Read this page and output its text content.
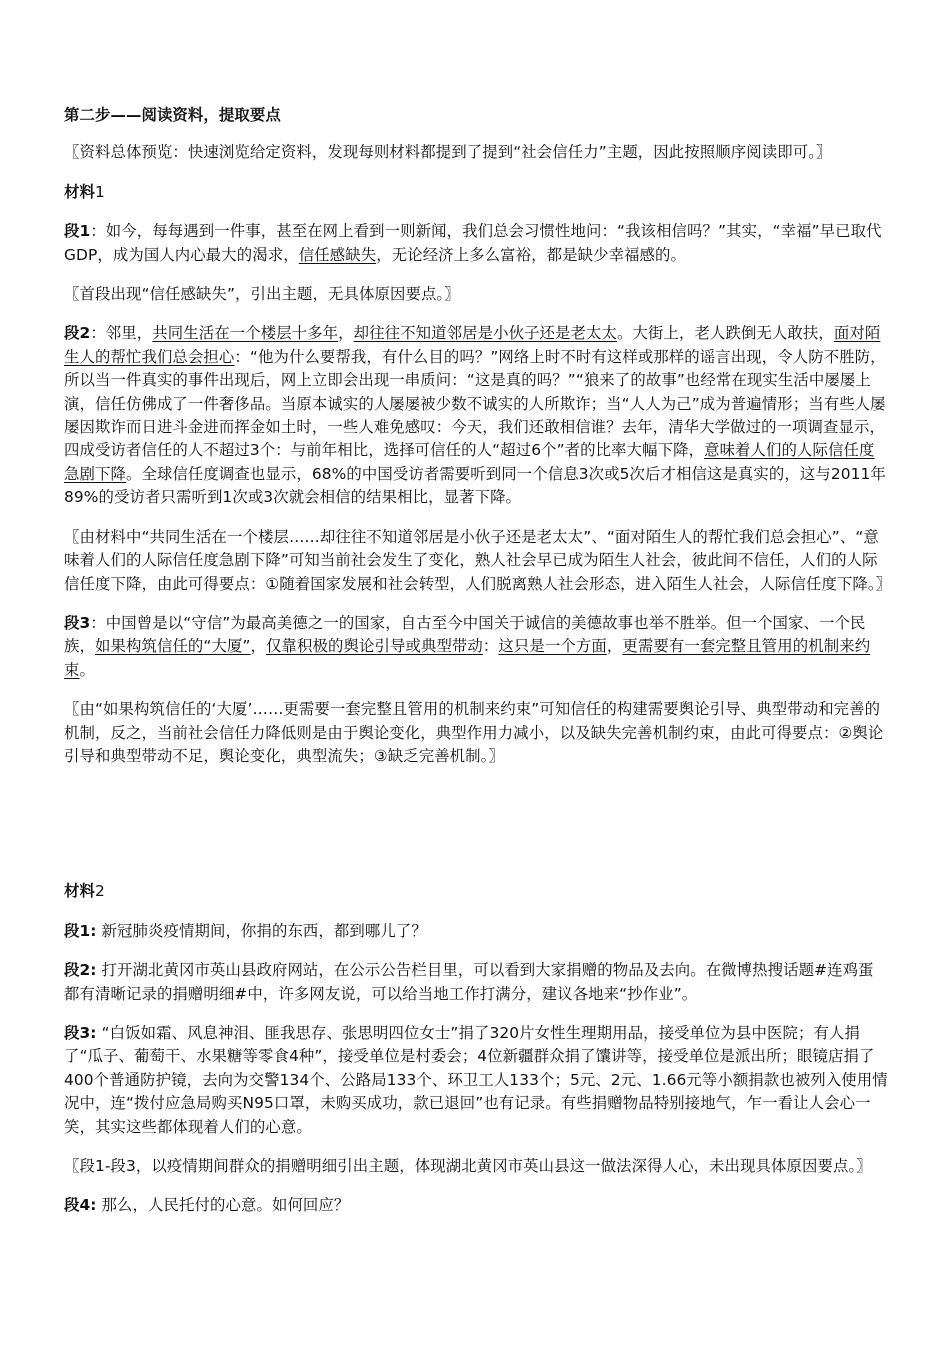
第二步——阅读资料，提取要点

〖资料总体预览：快速浏览给定资料，发现每则材料都提到了提到“社会信任力”主题，因此按照顺序阅读即可。〗

材料1

段1：如今，每每遇到一件事，甚至在网上看到一则新闻，我们总会习惯性地问：“我该相信吗？”其实，“幸福”早已取代GDP，成为国人内心最大的渴求，信任感缺失，无论经济上多么富裕，都是缺少幸福感的。

〖首段出现“信任感缺失”，引出主题，无具体原因要点。〗

段2：邻里，共同生活在一个楼层十多年，却往往不知道邻居是小伙子还是老太太。大街上，老人跌倒无人敢扶，面对陌生人的帮忙我们总会担心：“他为什么要帮我，有什么目的吗？”网络上时不时有这样或那样的谣言出现，令人防不胜防，所以当一件真实的事件出现后，网上立即会出现一串质问：“这是真的吗？”“狼来了的故事”也经常在现实生活中屡屡上演，信任仿佛成了一件奢侈品。当原本诚实的人屡屡被少数不诚实的人所欺诈；当“人人为己”成为普遍情形；当有些人屡屡因欺诈而日进斗金进而挥金如土时，一些人难免感叹：今天，我们还敢相信谁？去年，清华大学做过的一项调查显示，四成受访者信任的人不超过3个：与前年相比，选择可信任的人“超过6个”者的比率大幅下降，意味着人们的人际信任度急剧下降。全球信任度调查也显示，68%的中国受访者需要听到同一个信息3次或5次后才相信这是真实的，这与2011年89%的受访者只需听到1次或3次就会相信的结果相比，显著下降。

〖由材料中“共同生活在一个楼层……却往往不知道邻居是小伙子还是老太太”、“面对陌生人的帮忙我们总会担心”、“意味着人们的人际信任度急剧下降”可知当前社会发生了变化，熟人社会早已成为陌生人社会，彼此间不信任，人们的人际信任度下降，由此可得要点：①随着国家发展和社会转型，人们脱离熟人社会形态，进入陌生人社会，人际信任度下降。〗

段3：中国曾是以“守信”为最高美德之一的国家，自古至今中国关于诚信的美德故事也举不胜举。但一个国家、一个民族，如果构筑信任的“大厦”，仅靠积极的舆论引导或典型带动：这只是一个方面，更需要有一套完整且管用的机制来约束。

〖由“如果构筑信任的‘大厦’……更需要一套完整且管用的机制来约束”可知信任的构建需要舆论引导、典型带动和完善的机制，反之，当前社会信任力降低则是由于舆论变化，典型作用力减小，以及缺失完善机制约束，由此可得要点：②舆论引导和典型带动不足，舆论变化，典型流失；③缺乏完善机制。〗

材料2

段1: 新冠肺炎疫情期间，你捐的东西，都到哪儿了？

段2: 打开湖北黄冈市英山县政府网站，在公示公告栏目里，可以看到大家捐赠的物品及去向。在微博热搜话题#连鸡蛋都有清晰记录的捐赠明细#中，许多网友说，可以给当地工作打满分，建议各地来“抄作业”。

段3: “白饭如霜、风息神泪、匪我思存、张思明四位女士”捐了320片女性生理期用品，接受单位为县中医院；有人捐了“瓜子、葡萄干、水果糖等零食4种”，接受单位是村委会；4位新疆群众捐了馕讲等，接受单位是派出所；眼镜店捐了400个普通防护镜，去向为交警134个、公路局133个、环卫工人133个；5元、2元、1.66元等小额捐款也被列入使用情况中，连“拨付应急局购买N95口罩，未购买成功，款已退回”也有记录。有些捐赠物品特别接地气，乍一看让人会心一笑，其实这些都体现着人们的心意。

〖段1-段3，以疫情期间群众的捐赠明细引出主题，体现湖北黄冈市英山县这一做法深得人心，未出现具体原因要点。〗

段4: 那么，人民托付的心意。如何回应？
